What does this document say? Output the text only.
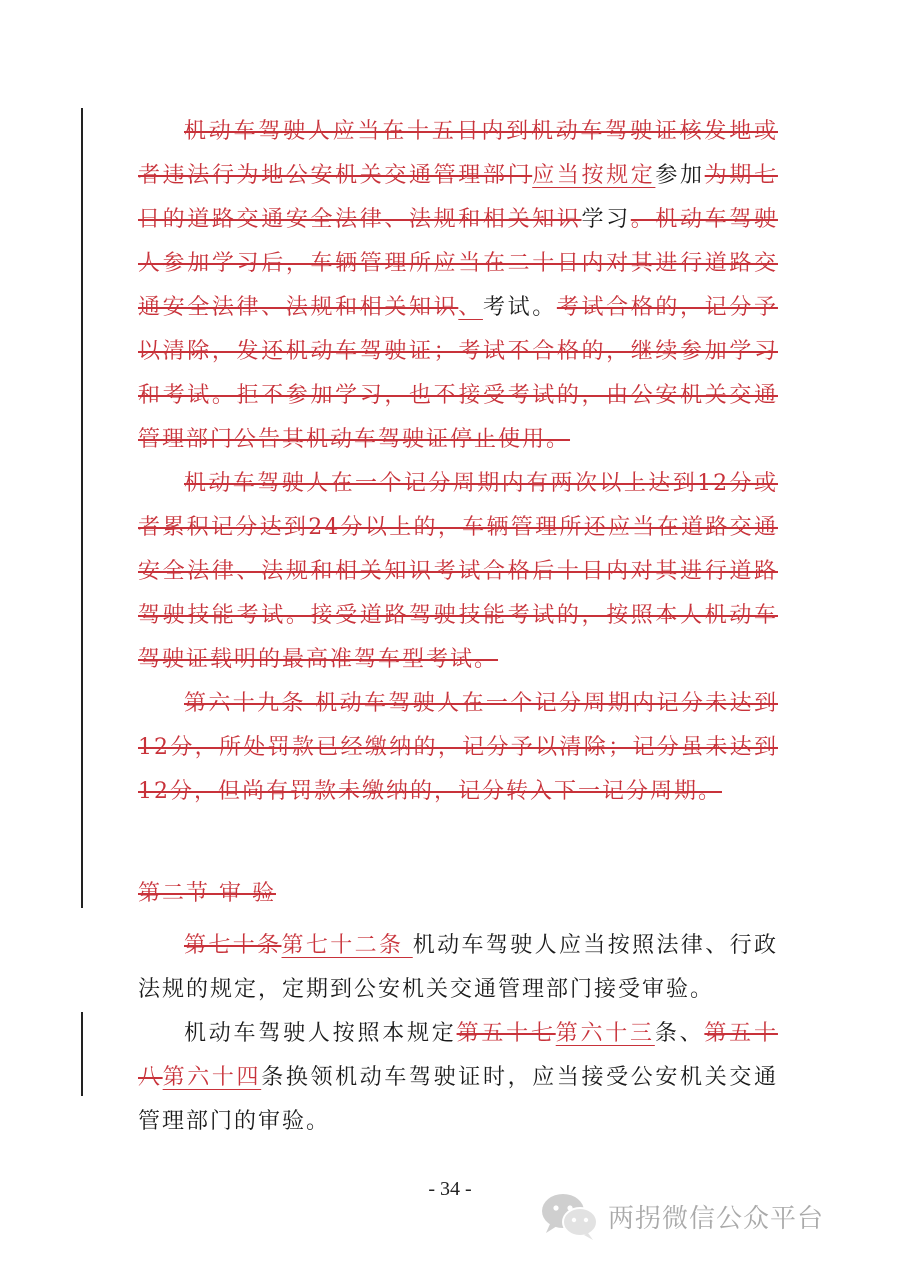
机动车驾驶人应当在十五日内到机动车驾驶证核发地或者违法行为地公安机关交通管理部门应当按规定参加为期七日的道路交通安全法律、法规和相关知识学习。机动车驾驶人参加学习后，车辆管理所应当在二十日内对其进行道路交通安全法律、法规和相关知识、考试。考试合格的，记分予以清除，发还机动车驾驶证；考试不合格的，继续参加学习和考试。拒不参加学习，也不接受考试的，由公安机关交通管理部门公告其机动车驾驶证停止使用。

机动车驾驶人在一个记分周期内有两次以上达到12分或者累积记分达到24分以上的，车辆管理所还应当在道路交通安全法律、法规和相关知识考试合格后十日内对其进行道路驾驶技能考试。接受道路驾驶技能考试的，按照本人机动车驾驶证载明的最高准驾车型考试。

第六十九条 机动车驾驶人在一个记分周期内记分未达到12分，所处罚款已经缴纳的，记分予以清除；记分虽未达到12分，但尚有罚款未缴纳的，记分转入下一记分周期。

第二节 审 验

第七十条第七十二条 机动车驾驶人应当按照法律、行政法规的规定，定期到公安机关交通管理部门接受审验。

机动车驾驶人按照本规定第五十七第六十三条、第五十八第六十四条换领机动车驾驶证时，应当接受公安机关交通管理部门的审验。

- 34 -
两拐微信公众平台
